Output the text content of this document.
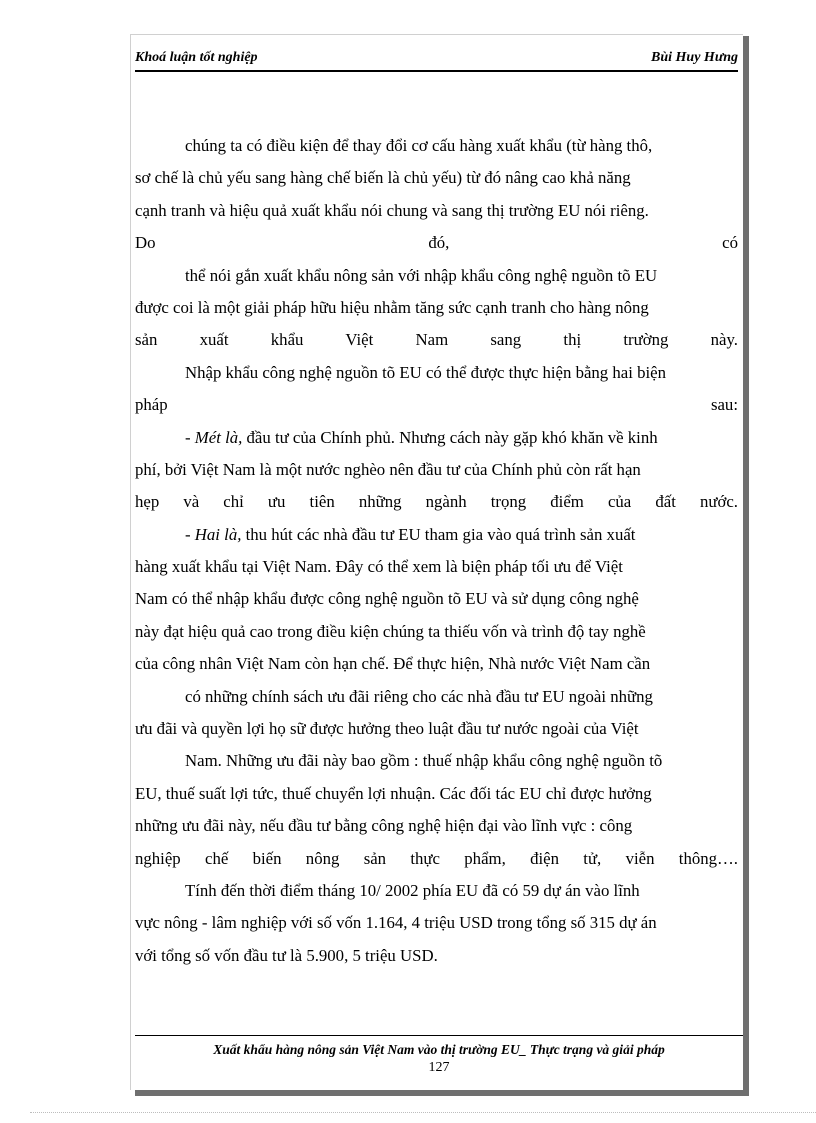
Khoá luận tốt nghiệp	Bùi Huy Hưng
chúng ta có điều kiện để thay đổi cơ cấu hàng xuất khẩu (từ hàng thô,
sơ chế là chủ yếu sang hàng chế biến là chủ yếu) từ đó nâng cao khả năng
cạnh tranh và hiệu quả xuất khẩu nói chung và sang thị trường EU nói riêng.
Do	đó,	có
thể nói gắn xuất khẩu nông sản với nhập khẩu công nghệ nguồn tõ EU
được coi là một giải pháp hữu hiệu nhằm tăng sức cạnh tranh cho hàng nông
sản xuất khẩu Việt Nam sang thị trường này.
Nhập khẩu công nghệ nguồn tõ EU có thể được thực hiện bằng hai biện
pháp	sau:
- Mét là, đầu tư của Chính phủ. Nhưng cách này gặp khó khăn về kinh
phí, bởi Việt Nam là một nước nghèo nên đầu tư của Chính phủ còn rất hạn
hẹp và chỉ ưu tiên những ngành trọng điểm của đất nước.
- Hai là, thu hút các nhà đầu tư EU tham gia vào quá trình sản xuất
hàng xuất khẩu tại Việt Nam. Đây có thể xem là biện pháp tối ưu để Việt
Nam có thể nhập khẩu được công nghệ nguồn tõ EU và sử dụng công nghệ
này đạt hiệu quả cao trong điều kiện chúng ta thiếu vốn và trình độ tay nghề
của công nhân Việt Nam còn hạn chế. Để thực hiện, Nhà nước Việt Nam cần
có những chính sách ưu đãi riêng cho các nhà đầu tư EU ngoài những
ưu đãi và quyền lợi họ sữ được hưởng theo luật đầu tư nước ngoài của Việt
Nam. Những ưu đãi này bao gồm : thuế nhập khẩu công nghệ nguồn tõ
EU, thuế suất lợi tức, thuế chuyển lợi nhuận. Các đối tác EU chỉ được hưởng
những ưu đãi này, nếu đầu tư bằng công nghệ hiện đại vào lĩnh vực : công
nghiệp chế biến nông sản thực phẩm, điện tử, viễn thông….
Tính đến thời điểm tháng 10/ 2002 phía EU đã có 59 dự án vào lĩnh
vực nông - lâm nghiệp với số vốn 1.164, 4 triệu USD trong tổng số 315 dự án
với tổng số vốn đầu tư là 5.900, 5 triệu USD.
Xuất khẩu hàng nông sản Việt Nam vào thị trường EU_ Thực trạng và giải pháp
127
